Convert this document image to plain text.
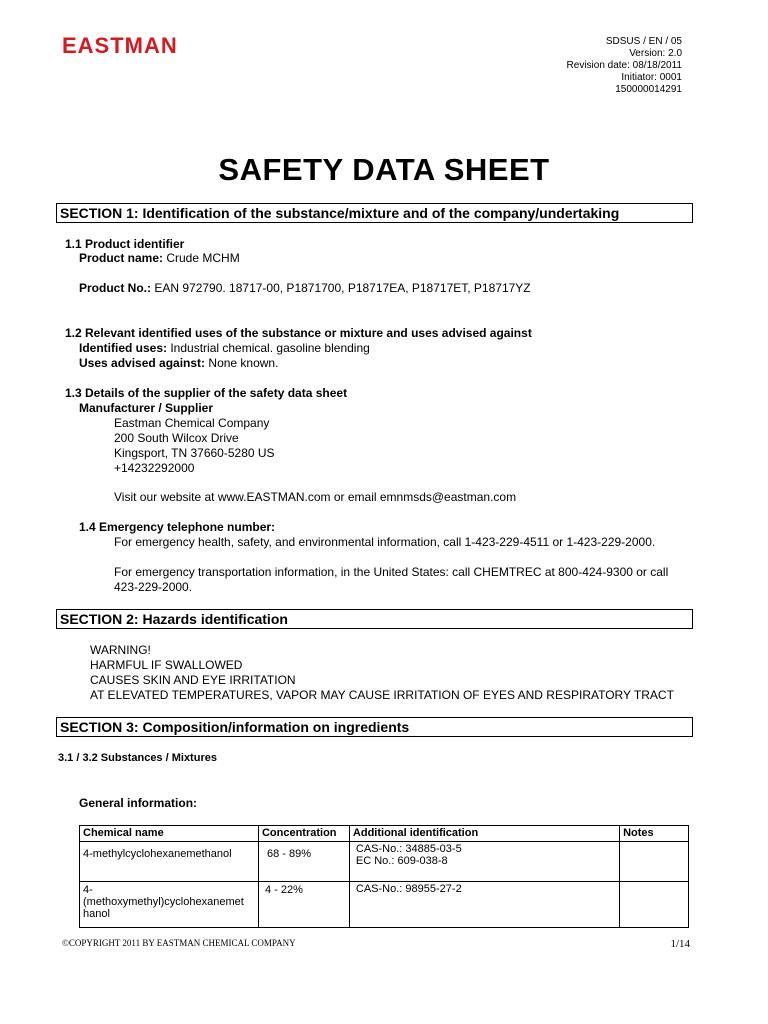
EASTMAN	SDSUS / EN / 05
Version: 2.0
Revision date: 08/18/2011
Initiator: 0001
150000014291
SAFETY DATA SHEET
SECTION 1: Identification of the substance/mixture and of the company/undertaking
1.1 Product identifier
Product name: Crude MCHM
Product No.: EAN 972790. 18717-00, P1871700, P18717EA, P18717ET, P18717YZ
1.2 Relevant identified uses of the substance or mixture and uses advised against
Identified uses: Industrial chemical. gasoline blending
Uses advised against: None known.
1.3 Details of the supplier of the safety data sheet
Manufacturer / Supplier
Eastman Chemical Company
200 South Wilcox Drive
Kingsport, TN 37660-5280 US
+14232292000
Visit our website at www.EASTMAN.com or email emnmsds@eastman.com
1.4 Emergency telephone number:
For emergency health, safety, and environmental information, call 1-423-229-4511 or 1-423-229-2000.
For emergency transportation information, in the United States: call CHEMTREC at 800-424-9300 or call
423-229-2000.
SECTION 2: Hazards identification
WARNING!
HARMFUL IF SWALLOWED
CAUSES SKIN AND EYE IRRITATION
AT ELEVATED TEMPERATURES, VAPOR MAY CAUSE IRRITATION OF EYES AND RESPIRATORY TRACT
SECTION 3: Composition/information on ingredients
3.1 / 3.2 Substances / Mixtures
General information:
Chemical name	Concentration	Additional identification	Notes
4-methylcyclohexanemethanol	68 - 89%	CAS-No.: 34885-03-5
EC No.: 609-038-8	

4-
(methoxymethyl)cyclohexanemet
hanol	4 - 22%	CAS-No.: 98955-27-2	

©COPYRIGHT 2011 BY EASTMAN CHEMICAL COMPANY	1/14
